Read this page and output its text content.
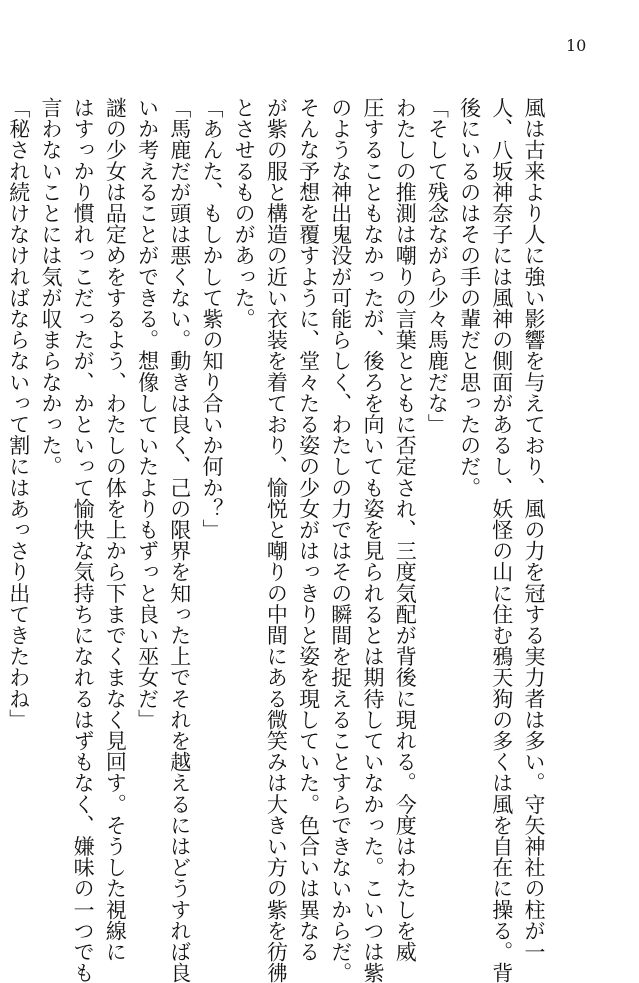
10
風は古来より人に強い影響を与えており、風の力を冠する実力者は多い。守矢神社の柱が一
人、八坂神奈子には風神の側面があるし、妖怪の山に住む鴉天狗の多くは風を自在に操る。背
後にいるのはその手の輩だと思ったのだ。
「そして残念ながら少々馬鹿だな」
わたしの推測は嘲りの言葉とともに否定され、三度気配が背後に現れる。今度はわたしを威
圧することもなかったが、後ろを向いても姿を見られるとは期待していなかった。こいつは紫
のような神出鬼没が可能らしく、わたしの力ではその瞬間を捉えることすらできないからだ。
そんな予想を覆すように、堂々たる姿の少女がはっきりと姿を現していた。色合いは異なる
が紫の服と構造の近い衣装を着ており、愉悦と嘲りの中間にある微笑みは大きい方の紫を彷彿
とさせるものがあった。
「あんた、もしかして紫の知り合いか何か？」
「馬鹿だが頭は悪くない。動きは良く、己の限界を知った上でそれを越えるにはどうすれば良
いか考えることができる。想像していたよりもずっと良い巫女だ」
謎の少女は品定めをするよう、わたしの体を上から下までくまなく見回す。そうした視線に
はすっかり慣れっこだったが、かといって愉快な気持ちになれるはずもなく、嫌味の一つでも
言わないことには気が収まらなかった。
「秘され続けなければならないって割にはあっさり出てきたわね」
